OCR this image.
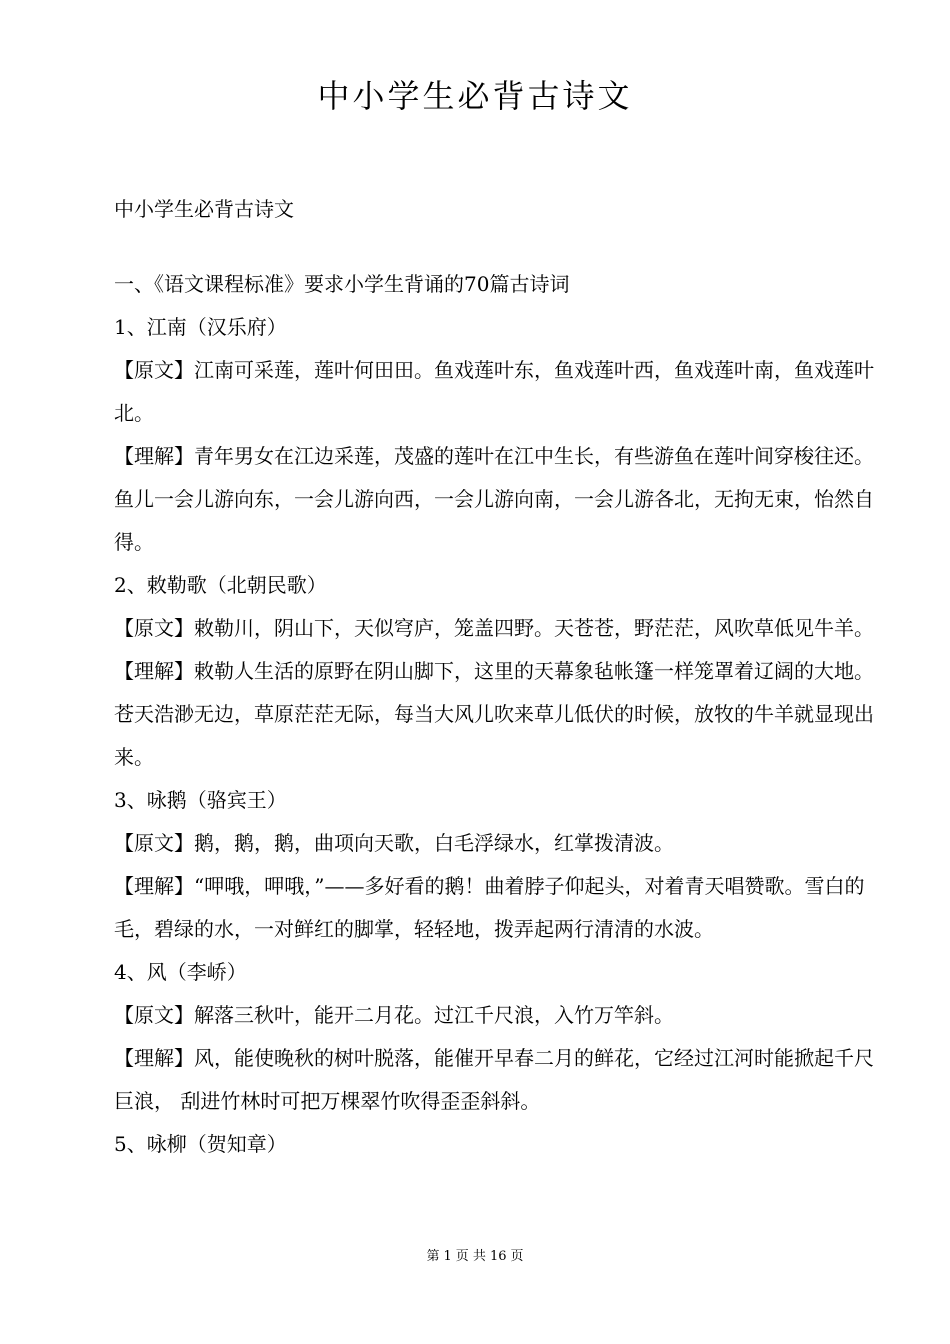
中小学生必背古诗文

中小学生必背古诗文

一、《语文课程标准》要求小学生背诵的70篇古诗词

1、江南（汉乐府）

【原文】江南可采莲，莲叶何田田。鱼戏莲叶东，鱼戏莲叶西，鱼戏莲叶南，鱼戏莲叶北。

【理解】青年男女在江边采莲，茂盛的莲叶在江中生长，有些游鱼在莲叶间穿梭往还。鱼儿一会儿游向东，一会儿游向西，一会儿游向南，一会儿游各北，无拘无束，怡然自得。

2、敕勒歌（北朝民歌）

【原文】敕勒川，阴山下，天似穹庐，笼盖四野。天苍苍，野茫茫，风吹草低见牛羊。

【理解】敕勒人生活的原野在阴山脚下，这里的天幕象毡帐篷一样笼罩着辽阔的大地。苍天浩渺无边，草原茫茫无际，每当大风儿吹来草儿低伏的时候，放牧的牛羊就显现出来。

3、咏鹅（骆宾王）

【原文】鹅，鹅，鹅，曲项向天歌，白毛浮绿水，红掌拨清波。

【理解】“呷哦，呷哦，”——多好看的鹅！曲着脖子仰起头，对着青天唱赞歌。雪白的毛，碧绿的水，一对鲜红的脚掌，轻轻地，拨弄起两行清清的水波。

4、风（李峤）

【原文】解落三秋叶，能开二月花。过江千尺浪，入竹万竿斜。

【理解】风，能使晚秋的树叶脱落，能催开早春二月的鲜花，它经过江河时能掀起千尺巨浪， 刮进竹林时可把万棵翠竹吹得歪歪斜斜。

5、咏柳（贺知章）

第 1 页 共 16 页
